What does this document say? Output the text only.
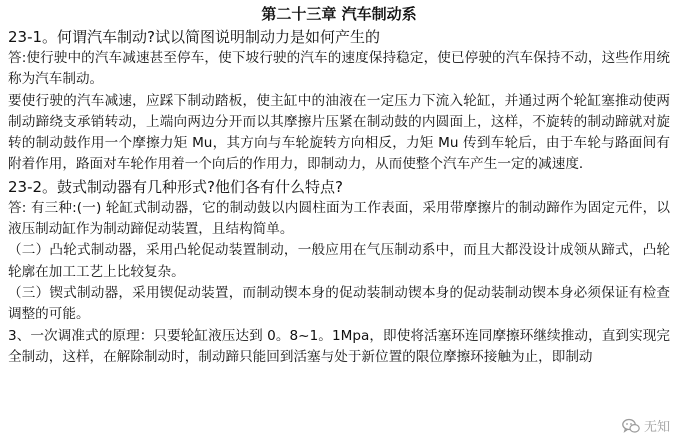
第二十三章 汽车制动系
23-1。何谓汽车制动?试以简图说明制动力是如何产生的
答:使行驶中的汽车减速甚至停车，使下坡行驶的汽车的速度保持稳定，使已停驶的汽车保持不动，这些作用统称为汽车制动。
要使行驶的汽车减速，应踩下制动踏板，使主缸中的油液在一定压力下流入轮缸，并通过两个轮缸塞推动使两制动蹄绕支承销转动，上端向两边分开而以其摩擦片压紧在制动鼓的内圆面上，这样，不旋转的制动蹄就对旋转的制动鼓作用一个摩擦力矩 Mu，其方向与车轮旋转方向相反，力矩 Mu 传到车轮后，由于车轮与路面间有附着作用，路面对车轮作用着一个向后的作用力，即制动力，从而使整个汽车产生一定的减速度．
23-2。鼓式制动器有几种形式?他们各有什么特点?
答: 有三种:(一) 轮缸式制动器，它的制动鼓以内圆柱面为工作表面，采用带摩擦片的制动蹄作为固定元件，以液压制动缸作为制动蹄促动装置，且结构简单。
（二）凸轮式制动器，采用凸轮促动装置制动，一般应用在气压制动系中，而且大都没设计成领从蹄式，凸轮轮廓在加工工艺上比较复杂。
（三）锲式制动器，采用锲促动装置，而制动锲本身的促动装制动锲本身的促动装制动锲本身必须保证有检查调整的可能。
3、一次调准式的原理：只要轮缸液压达到 0。8~1。1Mpa，即使将活塞环连同摩擦环继续推动，直到实现完全制动，这样，在解除制动时，制动蹄只能回到活塞与处于新位置的限位摩擦环接触为止，即制动
无知
